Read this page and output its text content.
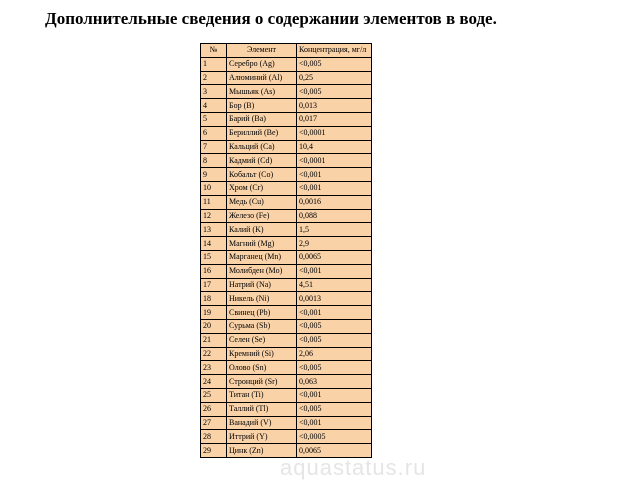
Дополнительные сведения о содержании элементов в воде.
№	Элемент	Концентрация, мг/л
1	Серебро (Ag)	<0,005
2	Алюминий (Al)	0,25
3	Мышьяк (As)	<0,005
4	Бор (B)	0,013
5	Барий (Ba)	0,017
6	Бериллий (Be)	<0,0001
7	Кальций (Ca)	10,4
8	Кадмий (Cd)	<0,0001
9	Кобальт (Co)	<0,001
10	Хром (Cr)	<0,001
11	Медь (Cu)	0,0016
12	Железо (Fe)	0,088
13	Калий (K)	1,5
14	Магний (Mg)	2,9
15	Марганец (Mn)	0,0065
16	Молибден (Mo)	<0,001
17	Натрий (Na)	4,51
18	Никель (Ni)	0,0013
19	Свинец (Pb)	<0,001
20	Сурьма (Sb)	<0,005
21	Селен (Se)	<0,005
22	Кремний (Si)	2,06
23	Олово (Sn)	<0,005
24	Стронций (Sr)	0,063
25	Титан (Ti)	<0,001
26	Таллий (Tl)	<0,005
27	Ванадий (V)	<0,001
28	Иттрий (Y)	<0,0005
29	Цинк (Zn)	0,0065
aquastatus.ru
